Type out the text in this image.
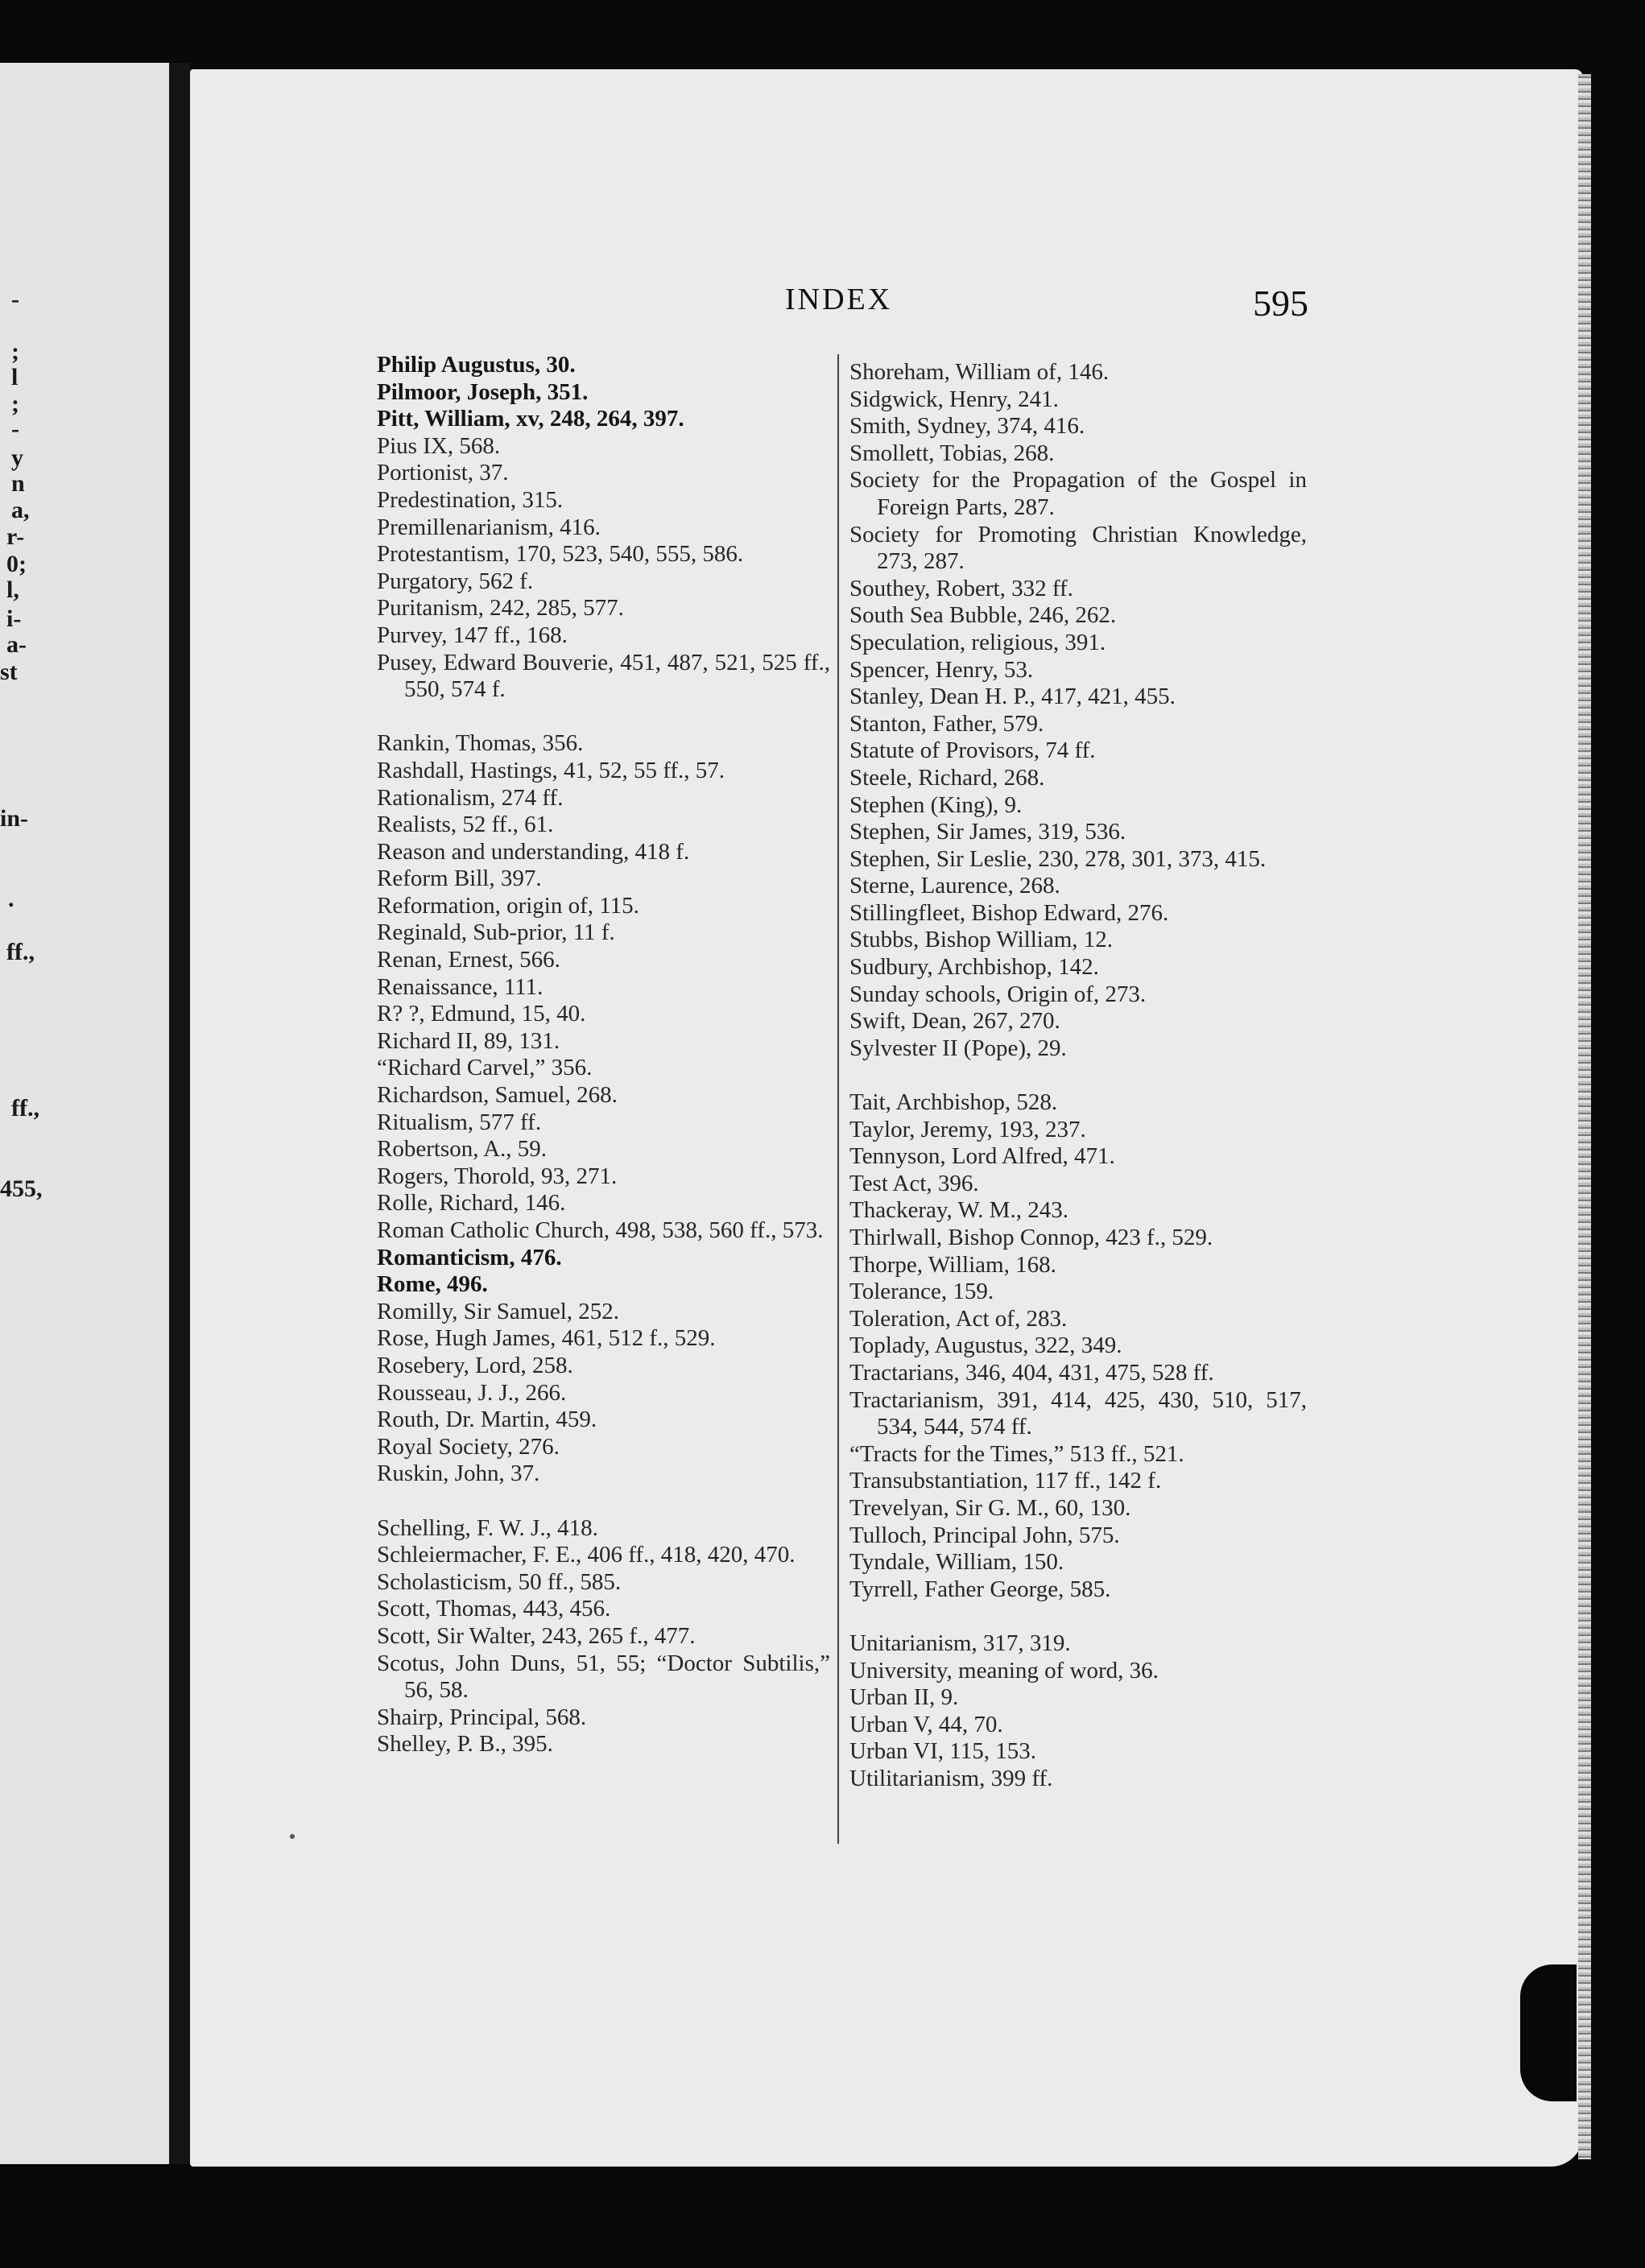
-
;
l
;
-
y
n
a,
r-
0;
l,
i-
a-
st
in-
.
ff.,
ff.,
455,
INDEX	595
Philip Augustus, 30.
Pilmoor, Joseph, 351.
Pitt, William, xv, 248, 264, 397.
Pius IX, 568.
Portionist, 37.
Predestination, 315.
Premillenarianism, 416.
Protestantism, 170, 523, 540, 555, 586.
Purgatory, 562 f.
Puritanism, 242, 285, 577.
Purvey, 147 ff., 168.
Pusey, Edward Bouverie, 451, 487, 521, 525 ff., 550, 574 f.
Rankin, Thomas, 356.
Rashdall, Hastings, 41, 52, 55 ff., 57.
Rationalism, 274 ff.
Realists, 52 ff., 61.
Reason and understanding, 418 f.
Reform Bill, 397.
Reformation, origin of, 115.
Reginald, Sub-prior, 11 f.
Renan, Ernest, 566.
Renaissance, 111.
R? ?, Edmund, 15, 40.
Richard II, 89, 131.
“Richard Carvel,” 356.
Richardson, Samuel, 268.
Ritualism, 577 ff.
Robertson, A., 59.
Rogers, Thorold, 93, 271.
Rolle, Richard, 146.
Roman Catholic Church, 498, 538, 560 ff., 573.
Romanticism, 476.
Rome, 496.
Romilly, Sir Samuel, 252.
Rose, Hugh James, 461, 512 f., 529.
Rosebery, Lord, 258.
Rousseau, J. J., 266.
Routh, Dr. Martin, 459.
Royal Society, 276.
Ruskin, John, 37.
Schelling, F. W. J., 418.
Schleiermacher, F. E., 406 ff., 418, 420, 470.
Scholasticism, 50 ff., 585.
Scott, Thomas, 443, 456.
Scott, Sir Walter, 243, 265 f., 477.
Scotus, John Duns, 51, 55; “Doctor Subtilis,” 56, 58.
Shairp, Principal, 568.
Shelley, P. B., 395.
Shoreham, William of, 146.
Sidgwick, Henry, 241.
Smith, Sydney, 374, 416.
Smollett, Tobias, 268.
Society for the Propagation of the Gospel in Foreign Parts, 287.
Society for Promoting Christian Knowledge, 273, 287.
Southey, Robert, 332 ff.
South Sea Bubble, 246, 262.
Speculation, religious, 391.
Spencer, Henry, 53.
Stanley, Dean H. P., 417, 421, 455.
Stanton, Father, 579.
Statute of Provisors, 74 ff.
Steele, Richard, 268.
Stephen (King), 9.
Stephen, Sir James, 319, 536.
Stephen, Sir Leslie, 230, 278, 301, 373, 415.
Sterne, Laurence, 268.
Stillingfleet, Bishop Edward, 276.
Stubbs, Bishop William, 12.
Sudbury, Archbishop, 142.
Sunday schools, Origin of, 273.
Swift, Dean, 267, 270.
Sylvester II (Pope), 29.
Tait, Archbishop, 528.
Taylor, Jeremy, 193, 237.
Tennyson, Lord Alfred, 471.
Test Act, 396.
Thackeray, W. M., 243.
Thirlwall, Bishop Connop, 423 f., 529.
Thorpe, William, 168.
Tolerance, 159.
Toleration, Act of, 283.
Toplady, Augustus, 322, 349.
Tractarians, 346, 404, 431, 475, 528 ff.
Tractarianism, 391, 414, 425, 430, 510, 517, 534, 544, 574 ff.
“Tracts for the Times,” 513 ff., 521.
Transubstantiation, 117 ff., 142 f.
Trevelyan, Sir G. M., 60, 130.
Tulloch, Principal John, 575.
Tyndale, William, 150.
Tyrrell, Father George, 585.
Unitarianism, 317, 319.
University, meaning of word, 36.
Urban II, 9.
Urban V, 44, 70.
Urban VI, 115, 153.
Utilitarianism, 399 ff.
